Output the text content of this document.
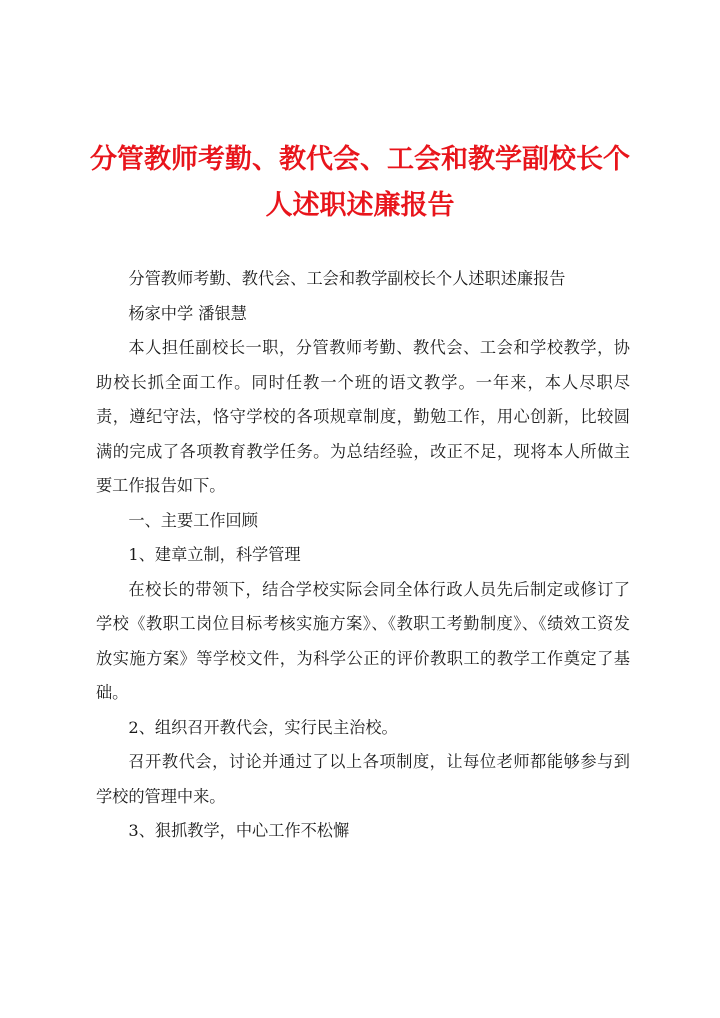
分管教师考勤、教代会、工会和教学副校长个
人述职述廉报告

分管教师考勤、教代会、工会和教学副校长个人述职述廉报告

杨家中学 潘银慧

本人担任副校长一职，分管教师考勤、教代会、工会和学校教学，协助校长抓全面工作。同时任教一个班的语文教学。一年来，本人尽职尽责，遵纪守法，恪守学校的各项规章制度，勤勉工作，用心创新，比较圆满的完成了各项教育教学任务。为总结经验，改正不足，现将本人所做主要工作报告如下。

一、主要工作回顾

1、建章立制，科学管理

在校长的带领下，结合学校实际会同全体行政人员先后制定或修订了学校《教职工岗位目标考核实施方案》、《教职工考勤制度》、《绩效工资发放实施方案》等学校文件，为科学公正的评价教职工的教学工作奠定了基础。

2、组织召开教代会，实行民主治校。

召开教代会，讨论并通过了以上各项制度，让每位老师都能够参与到学校的管理中来。

3、狠抓教学，中心工作不松懈
